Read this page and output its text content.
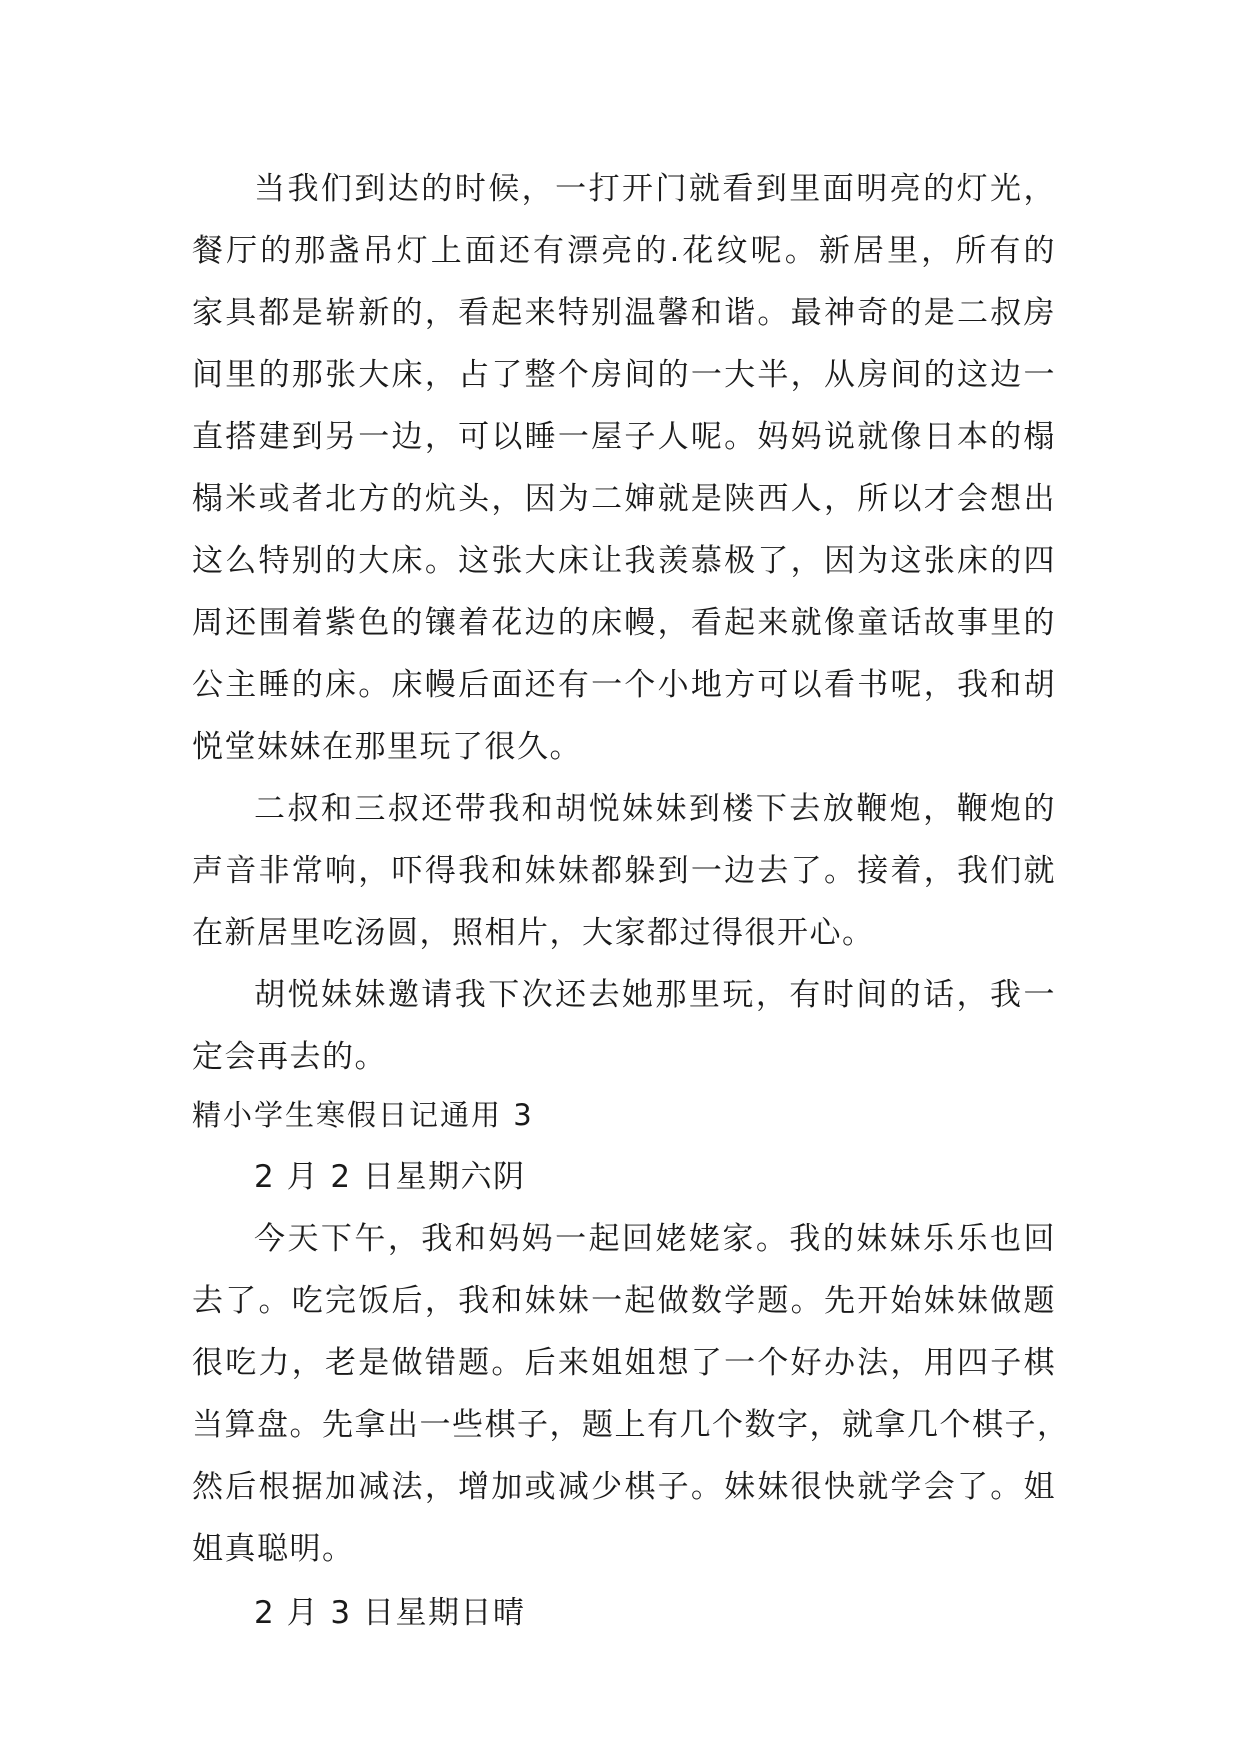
当我们到达的时候，一打开门就看到里面明亮的灯光，
餐厅的那盏吊灯上面还有漂亮的.花纹呢。新居里，所有的
家具都是崭新的，看起来特别温馨和谐。最神奇的是二叔房
间里的那张大床，占了整个房间的一大半，从房间的这边一
直搭建到另一边，可以睡一屋子人呢。妈妈说就像日本的榻
榻米或者北方的炕头，因为二婶就是陕西人，所以才会想出
这么特别的大床。这张大床让我羡慕极了，因为这张床的四
周还围着紫色的镶着花边的床幔，看起来就像童话故事里的
公主睡的床。床幔后面还有一个小地方可以看书呢，我和胡
悦堂妹妹在那里玩了很久。
二叔和三叔还带我和胡悦妹妹到楼下去放鞭炮，鞭炮的
声音非常响，吓得我和妹妹都躲到一边去了。接着，我们就
在新居里吃汤圆，照相片，大家都过得很开心。
胡悦妹妹邀请我下次还去她那里玩，有时间的话，我一
定会再去的。
精小学生寒假日记通用 3
2 月 2 日星期六阴
今天下午，我和妈妈一起回姥姥家。我的妹妹乐乐也回
去了。吃完饭后，我和妹妹一起做数学题。先开始妹妹做题
很吃力，老是做错题。后来姐姐想了一个好办法，用四子棋
当算盘。先拿出一些棋子，题上有几个数字，就拿几个棋子，
然后根据加减法，增加或减少棋子。妹妹很快就学会了。姐
姐真聪明。
2 月 3 日星期日晴
